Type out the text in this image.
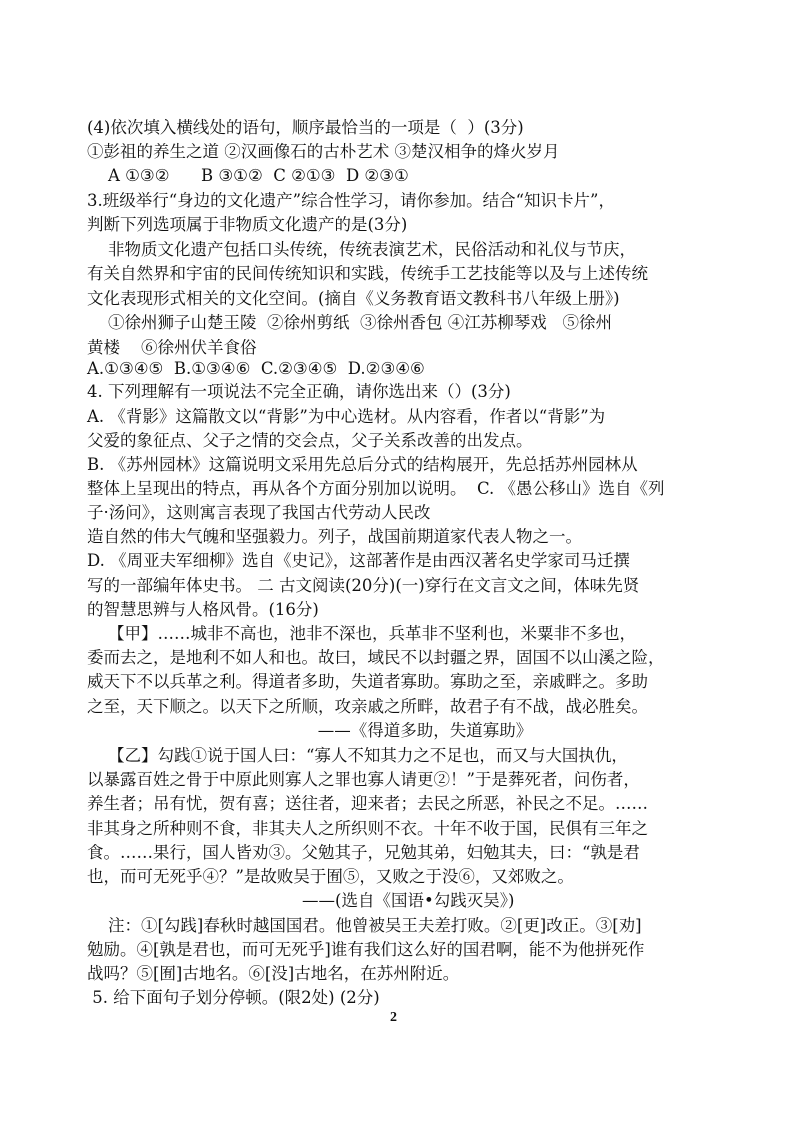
(4)依次填入横线处的语句，顺序最恰当的一项是（  ）(3分)
①彭祖的养生之道 ②汉画像石的古朴艺术 ③楚汉相争的烽火岁月
A ①③②      B ③①②  C ②①③  D ②③①
3.班级举行“身边的文化遗产”综合性学习，请你参加。结合“知识卡片”，
判断下列选项属于非物质文化遗产的是(3分)
非物质文化遗产包括口头传统，传统表演艺术，民俗活动和礼仪与节庆，
有关自然界和宇宙的民间传统知识和实践，传统手工艺技能等以及与上述传统
文化表现形式相关的文化空间。(摘自《义务教育语文教科书八年级上册》)
①徐州狮子山楚王陵  ②徐州剪纸  ③徐州香包 ④江苏柳琴戏   ⑤徐州
黄楼    ⑥徐州伏羊食俗
A.①③④⑤  B.①③④⑥  C.②③④⑤  D.②③④⑥
4. 下列理解有一项说法不完全正确，请你选出来（）(3分)
A. 《背影》这篇散文以“背影”为中心选材。从内容看，作者以“背影”为
父爱的象征点、父子之情的交会点，父子关系改善的出发点。
B. 《苏州园林》这篇说明文采用先总后分式的结构展开，先总括苏州园林从
整体上呈现出的特点，再从各个方面分别加以说明。  C. 《愚公移山》选自《列
子·汤问》，这则寓言表现了我国古代劳动人民改
造自然的伟大气魄和坚强毅力。列子，战国前期道家代表人物之一。
D. 《周亚夫军细柳》选自《史记》，这部著作是由西汉著名史学家司马迁撰
写的一部编年体史书。 二 古文阅读(20分)(一)穿行在文言文之间，体味先贤
的智慧思辨与人格风骨。(16分)
【甲】……城非不高也，池非不深也，兵革非不坚利也，米粟非不多也，
委而去之，是地利不如人和也。故曰，域民不以封疆之界，固国不以山溪之险，
威天下不以兵革之利。得道者多助，失道者寡助。寡助之至，亲戚畔之。多助
之至，天下顺之。以天下之所顺，攻亲戚之所畔，故君子有不战，战必胜矣。
——《得道多助，失道寡助》
【乙】勾践①说于国人曰：“寡人不知其力之不足也，而又与大国执仇，
以暴露百姓之骨于中原此则寡人之罪也寡人请更②！”于是葬死者，问伤者，
养生者；吊有忧，贺有喜；送往者，迎来者；去民之所恶，补民之不足。……
非其身之所种则不食，非其夫人之所织则不衣。十年不收于国，民俱有三年之
食。……果行，国人皆劝③。父勉其子，兄勉其弟，妇勉其夫，曰：“孰是君
也，而可无死乎④？”是故败吴于囿⑤，又败之于没⑥，又郊败之。
——(选自《国语•勾践灭吴》)
注：①[勾践]春秋时越国国君。他曾被吴王夫差打败。②[更]改正。③[劝]
勉励。④[孰是君也，而可无死乎]谁有我们这么好的国君啊，能不为他拼死作
战吗？⑤[囿]古地名。⑥[没]古地名，在苏州附近。
5. 给下面句子划分停顿。(限2处) (2分)
2
